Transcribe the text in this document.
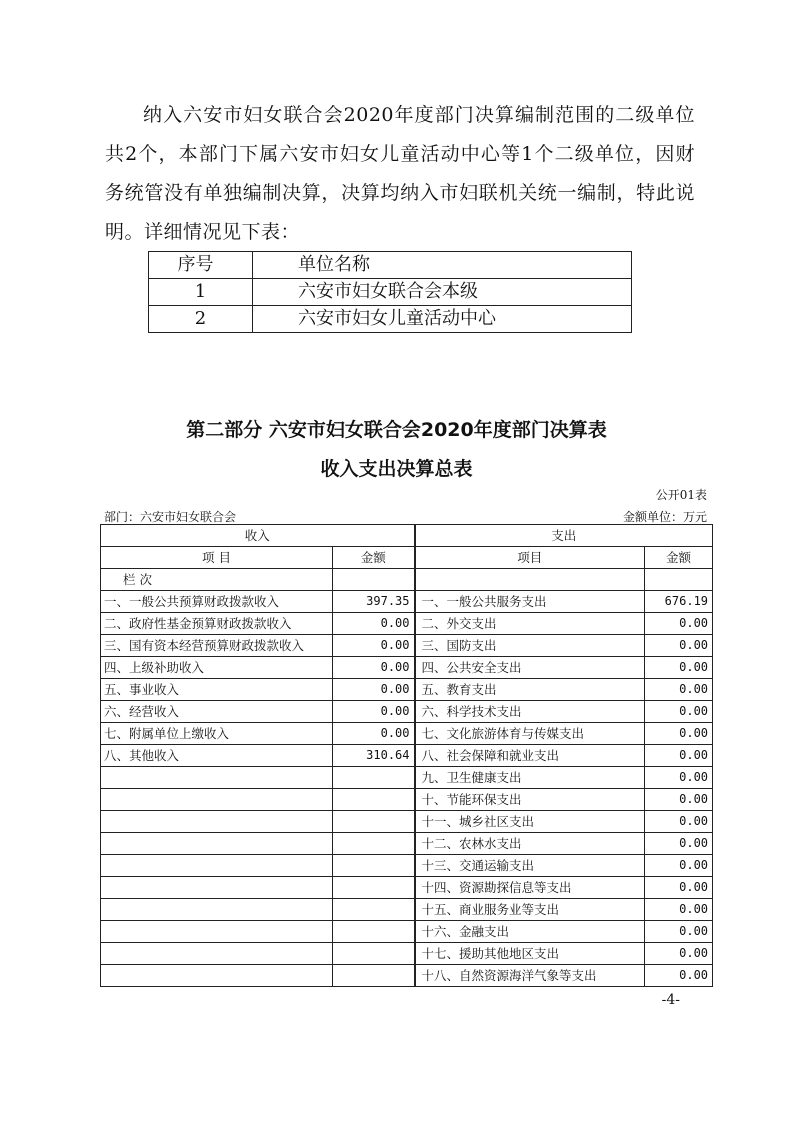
纳入六安市妇女联合会2020年度部门决算编制范围的二级单位共2个，本部门下属六安市妇女儿童活动中心等1个二级单位，因财务统管没有单独编制决算，决算均纳入市妇联机关统一编制，特此说明。详细情况见下表：

序号	单位名称
1	六安市妇女联合会本级
2	六安市妇女儿童活动中心
第二部分 六安市妇女联合会2020年度部门决算表
收入支出决算总表
公开01表
部门：六安市妇女联合会	金额单位：万元
收入		支出	
项 目	金额	项目	金额
栏 次			
一、一般公共预算财政拨款收入	397.35	一、一般公共服务支出	676.19
二、政府性基金预算财政拨款收入	0.00	二、外交支出	0.00
三、国有资本经营预算财政拨款收入	0.00	三、国防支出	0.00
四、上级补助收入	0.00	四、公共安全支出	0.00
五、事业收入	0.00	五、教育支出	0.00
六、经营收入	0.00	六、科学技术支出	0.00
七、附属单位上缴收入	0.00	七、文化旅游体育与传媒支出	0.00
八、其他收入	310.64	八、社会保障和就业支出	0.00
		九、卫生健康支出	0.00
		十、节能环保支出	0.00
		十一、城乡社区支出	0.00
		十二、农林水支出	0.00
		十三、交通运输支出	0.00
		十四、资源勘探信息等支出	0.00
		十五、商业服务业等支出	0.00
		十六、金融支出	0.00
		十七、援助其他地区支出	0.00
		十八、自然资源海洋气象等支出	0.00
-4-
